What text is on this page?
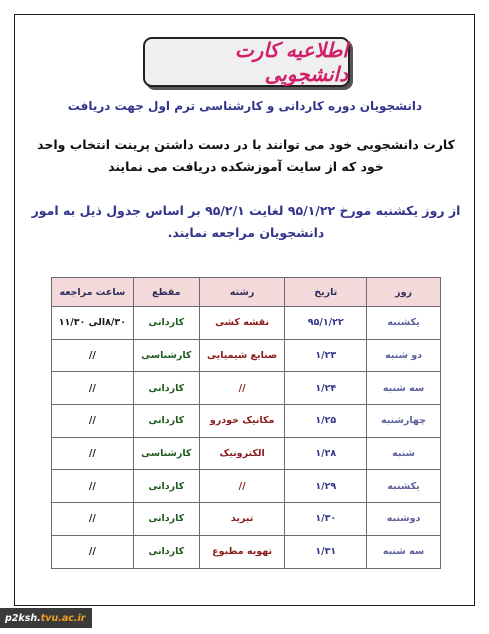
اطلاعیه کارت دانشجویی
دانشجویان دوره کاردانی و کارشناسی ترم اول جهت دریافت
کارت دانشجویی خود می توانند با در دست داشتن پرینت انتخاب واحد خود که از سایت آموزشکده دریافت می نمایند
از روز یکشنبه مورخ ۹۵/۱/۲۲ لغایت ۹۵/۲/۱ بر اساس جدول ذیل به امور دانشجویان مراجعه نمایند.
روز	تاریخ	رشته	مقطع	ساعت مراجعه
یکشنبه	۹۵/۱/۲۲	نقشه کشی	کاردانی	۸/۳۰الی ۱۱/۳۰
دو شنبه	۱/۲۳	صنایع شیمیایی	کارشناسی	//
سه شنبه	۱/۲۴	//	کاردانی	//
چهارشنبه	۱/۲۵	مکانیک خودرو	کاردانی	//
شنبه	۱/۲۸	الکترونیک	کارشناسی	//
یکشنبه	۱/۲۹	//	کاردانی	//
دوشنبه	۱/۳۰	تبرید	کاردانی	//
سه شنبه	۱/۳۱	تهویه مطبوع	کاردانی	//
p2ksh. tvu.ac.ir
